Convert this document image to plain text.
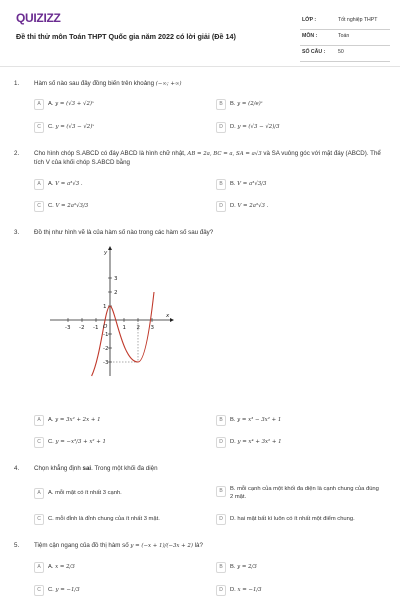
QUIZIZZ
Đề thi thử môn Toán THPT Quốc gia năm 2022 có lời giải (Đề 14)
LỚP :	Tốt nghiệp THPT
MÔN :	Toán
SỐ CÂU : 50
1. Hàm số nào sau đây đồng biến trên khoảng (−∞; +∞)
A	A. y = (√3 + √2)ˣ	B	B. y = (2/e)ˣ
C	C. y = (√3 − √2)ˣ	D	D. y = (√3 − √2)/3
2. Cho hình chóp S.ABCD có đáy ABCD là hình chữ nhật, AB = 2a, BC = a, SA = a√3 và SA vuông góc với mặt đáy (ABCD). Thể tích V của khối chóp S.ABCD bằng
A	A. V = a³√3 .	B	B. V = a³√3/3
C	C. V = 2a³√3/3	D	D. V = 2a³√3 .
3. Đồ thị như hình vẽ là của hàm số nào trong các hàm số sau đây?
-3 -2 -1 O	1 2 3
3
2
1
-1
-2
-3
x
y
A	A. y = 3x² + 2x + 1	B	B. y = x³ − 3x² + 1
C	C. y = −x³/3 + x² + 1	D	D. y = x⁴ + 3x² + 1
4. Chọn khẳng định sai. Trong một khối đa diện
A	A. mỗi mặt có ít nhất 3 cạnh.	B	B. mỗi cạnh của một khối đa diện là cạnh chung của đúng 2 mặt.
C	C. mỗi đỉnh là đỉnh chung của ít nhất 3 mặt.	D	D. hai mặt bất kì luôn có ít nhất một điểm chung.
5. Tiệm cận ngang của đồ thị hàm số y = (−x + 1)/(−3x + 2) là?
A	A. x = 2/3	B	B. y = 2/3
C	C. y = −1/3	D	D. x = −1/3
